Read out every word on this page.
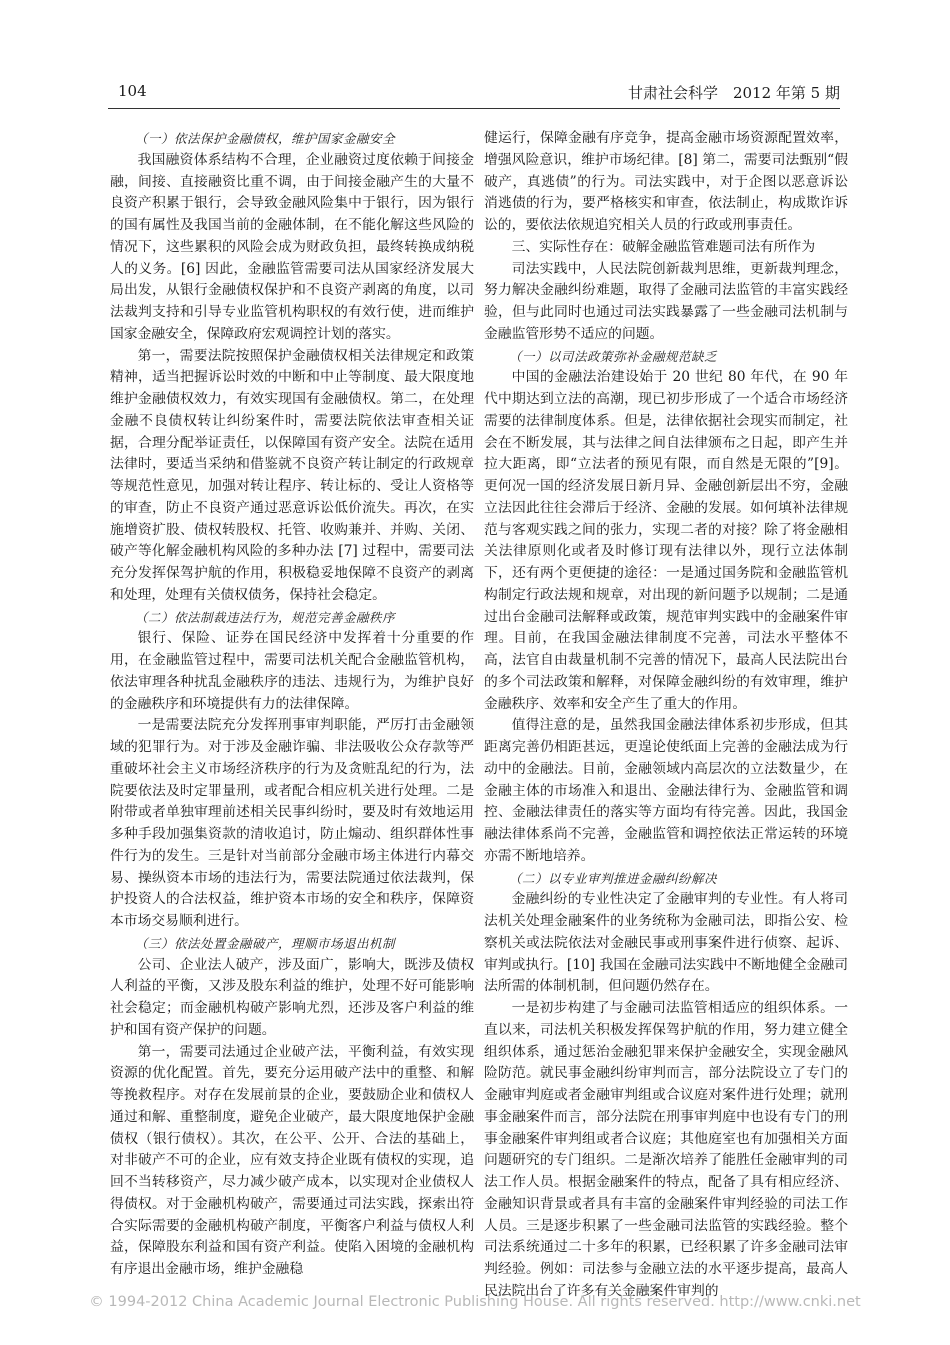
104	甘肃社会科学　2012 年第 5 期

（一）依法保护金融债权，维护国家金融安全

我国融资体系结构不合理，企业融资过度依赖于间接金融，间接、直接融资比重不调，由于间接金融产生的大量不良资产积累于银行，会导致金融风险集中于银行，因为银行的国有属性及我国当前的金融体制，在不能化解这些风险的情况下，这些累积的风险会成为财政负担，最终转换成纳税人的义务。[6] 因此，金融监管需要司法从国家经济发展大局出发，从银行金融债权保护和不良资产剥离的角度，以司法裁判支持和引导专业监管机构职权的有效行使，进而维护国家金融安全，保障政府宏观调控计划的落实。

第一，需要法院按照保护金融债权相关法律规定和政策精神，适当把握诉讼时效的中断和中止等制度、最大限度地维护金融债权效力，有效实现国有金融债权。第二，在处理金融不良债权转让纠纷案件时，需要法院依法审查相关证据，合理分配举证责任，以保障国有资产安全。法院在适用法律时，要适当采纳和借鉴就不良资产转让制定的行政规章等规范性意见，加强对转让程序、转让标的、受让人资格等的审查，防止不良资产通过恶意诉讼低价流失。再次，在实施增资扩股、债权转股权、托管、收购兼并、并购、关闭、破产等化解金融机构风险的多种办法 [7] 过程中，需要司法充分发挥保驾护航的作用，积极稳妥地保障不良资产的剥离和处理，处理有关债权债务，保持社会稳定。

（二）依法制裁违法行为，规范完善金融秩序

银行、保险、证券在国民经济中发挥着十分重要的作用，在金融监管过程中，需要司法机关配合金融监管机构，依法审理各种扰乱金融秩序的违法、违规行为，为维护良好的金融秩序和环境提供有力的法律保障。

一是需要法院充分发挥刑事审判职能，严厉打击金融领域的犯罪行为。对于涉及金融诈骗、非法吸收公众存款等严重破坏社会主义市场经济秩序的行为及贪赃乱纪的行为，法院要依法及时定罪量刑，或者配合相应机关进行处理。二是附带或者单独审理前述相关民事纠纷时，要及时有效地运用多种手段加强集资款的清收追讨，防止煽动、组织群体性事件行为的发生。三是针对当前部分金融市场主体进行内幕交易、操纵资本市场的违法行为，需要法院通过依法裁判，保护投资人的合法权益，维护资本市场的安全和秩序，保障资本市场交易顺利进行。

（三）依法处置金融破产，理顺市场退出机制

公司、企业法人破产，涉及面广，影响大，既涉及债权人利益的平衡，又涉及股东利益的维护，处理不好可能影响社会稳定；而金融机构破产影响尤烈，还涉及客户利益的维护和国有资产保护的问题。

第一，需要司法通过企业破产法，平衡利益，有效实现资源的优化配置。首先，要充分运用破产法中的重整、和解等挽救程序。对存在发展前景的企业，要鼓励企业和债权人通过和解、重整制度，避免企业破产，最大限度地保护金融债权（银行债权）。其次，在公平、公开、合法的基础上，对非破产不可的企业，应有效支持企业既有债权的实现，追回不当转移资产，尽力减少破产成本，以实现对企业债权人得债权。对于金融机构破产，需要通过司法实践，探索出符合实际需要的金融机构破产制度，平衡客户利益与债权人利益，保障股东利益和国有资产利益。使陷入困境的金融机构有序退出金融市场，维护金融稳

健运行，保障金融有序竞争，提高金融市场资源配置效率，增强风险意识，维护市场纪律。[8] 第二，需要司法甄别“假破产，真逃债”的行为。司法实践中，对于企图以恶意诉讼消逃债的行为，要严格核实和审查，依法制止，构成欺诈诉讼的，要依法依规追究相关人员的行政或刑事责任。

三、实际性存在：破解金融监管难题司法有所作为

司法实践中，人民法院创新裁判思维，更新裁判理念，努力解决金融纠纷难题，取得了金融司法监管的丰富实践经验，但与此同时也通过司法实践暴露了一些金融司法机制与金融监管形势不适应的问题。

（一）以司法政策弥补金融规范缺乏

中国的金融法治建设始于 20 世纪 80 年代，在 90 年代中期达到立法的高潮，现已初步形成了一个适合市场经济需要的法律制度体系。但是，法律依据社会现实而制定，社会在不断发展，其与法律之间自法律颁布之日起，即产生并拉大距离，即“立法者的预见有限，而自然是无限的”[9]。更何况一国的经济发展日新月异、金融创新层出不穷，金融立法因此往往会滞后于经济、金融的发展。如何填补法律规范与客观实践之间的张力，实现二者的对接？除了将金融相关法律原则化或者及时修订现有法律以外，现行立法体制下，还有两个更便捷的途径：一是通过国务院和金融监管机构制定行政法规和规章，对出现的新问题予以规制；二是通过出台金融司法解释或政策，规范审判实践中的金融案件审理。目前，在我国金融法律制度不完善，司法水平整体不高，法官自由裁量机制不完善的情况下，最高人民法院出台的多个司法政策和解释，对保障金融纠纷的有效审理，维护金融秩序、效率和安全产生了重大的作用。

值得注意的是，虽然我国金融法律体系初步形成，但其距离完善仍相距甚远，更遑论使纸面上完善的金融法成为行动中的金融法。目前，金融领域内高层次的立法数量少，在金融主体的市场准入和退出、金融法律行为、金融监管和调控、金融法律责任的落实等方面均有待完善。因此，我国金融法律体系尚不完善，金融监管和调控依法正常运转的环境亦需不断地培养。

（二）以专业审判推进金融纠纷解决

金融纠纷的专业性决定了金融审判的专业性。有人将司法机关处理金融案件的业务统称为金融司法，即指公安、检察机关或法院依法对金融民事或刑事案件进行侦察、起诉、审判或执行。[10] 我国在金融司法实践中不断地健全金融司法所需的体制机制，但问题仍然存在。

一是初步构建了与金融司法监管相适应的组织体系。一直以来，司法机关积极发挥保驾护航的作用，努力建立健全组织体系，通过惩治金融犯罪来保护金融安全，实现金融风险防范。就民事金融纠纷审判而言，部分法院设立了专门的金融审判庭或者金融审判组或合议庭对案件进行处理；就刑事金融案件而言，部分法院在刑事审判庭中也设有专门的刑事金融案件审判组或者合议庭；其他庭室也有加强相关方面问题研究的专门组织。二是渐次培养了能胜任金融审判的司法工作人员。根据金融案件的特点，配备了具有相应经济、金融知识背景或者具有丰富的金融案件审判经验的司法工作人员。三是逐步积累了一些金融司法监管的实践经验。整个司法系统通过二十多年的积累，已经积累了许多金融司法审判经验。例如：司法参与金融立法的水平逐步提高，最高人民法院出台了许多有关金融案件审判的

© 1994-2012 China Academic Journal Electronic Publishing House. All rights reserved. http://www.cnki.net
